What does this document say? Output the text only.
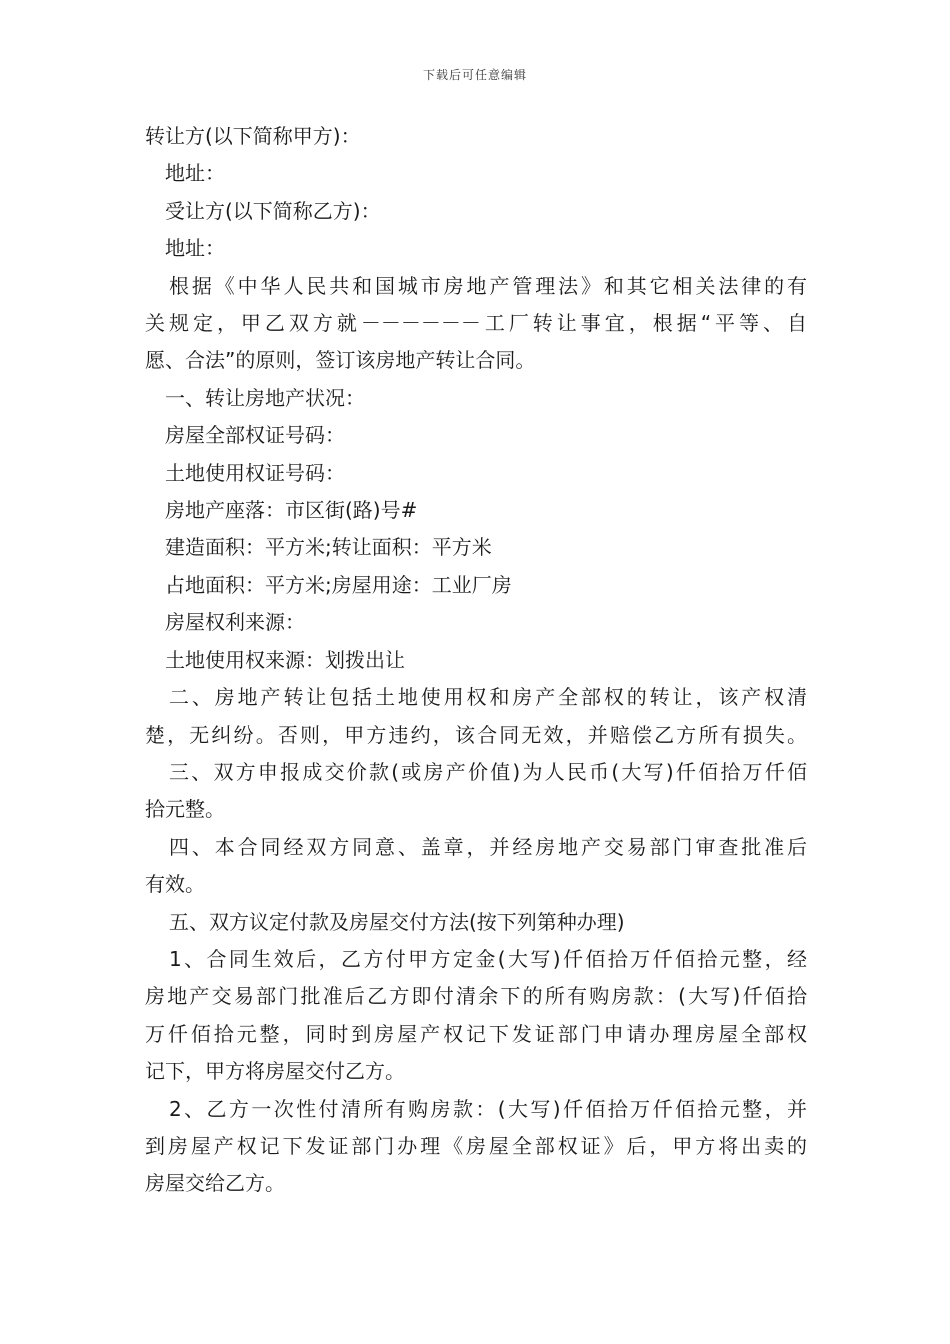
下载后可任意编辑
转让方(以下简称甲方)：
地址：
受让方(以下简称乙方)：
地址：
根据《中华人民共和国城市房地产管理法》和其它相关法律的有
关规定，甲乙双方就－－－－－－工厂转让事宜，根据“平等、自
愿、合法”的原则，签订该房地产转让合同。
一、转让房地产状况：
房屋全部权证号码：
土地使用权证号码：
房地产座落：市区街(路)号#
建造面积：平方米;转让面积：平方米
占地面积：平方米;房屋用途：工业厂房
房屋权利来源：
土地使用权来源：划拨出让
二、房地产转让包括土地使用权和房产全部权的转让，该产权清
楚，无纠纷。否则，甲方违约，该合同无效，并赔偿乙方所有损失。
三、双方申报成交价款(或房产价值)为人民币(大写)仟佰拾万仟佰
拾元整。
四、本合同经双方同意、盖章，并经房地产交易部门审查批准后
有效。
五、双方议定付款及房屋交付方法(按下列第种办理)
1、合同生效后，乙方付甲方定金(大写)仟佰拾万仟佰拾元整，经
房地产交易部门批准后乙方即付清余下的所有购房款：(大写)仟佰拾
万仟佰拾元整，同时到房屋产权记下发证部门申请办理房屋全部权
记下，甲方将房屋交付乙方。
2、乙方一次性付清所有购房款：(大写)仟佰拾万仟佰拾元整，并
到房屋产权记下发证部门办理《房屋全部权证》后，甲方将出卖的
房屋交给乙方。
